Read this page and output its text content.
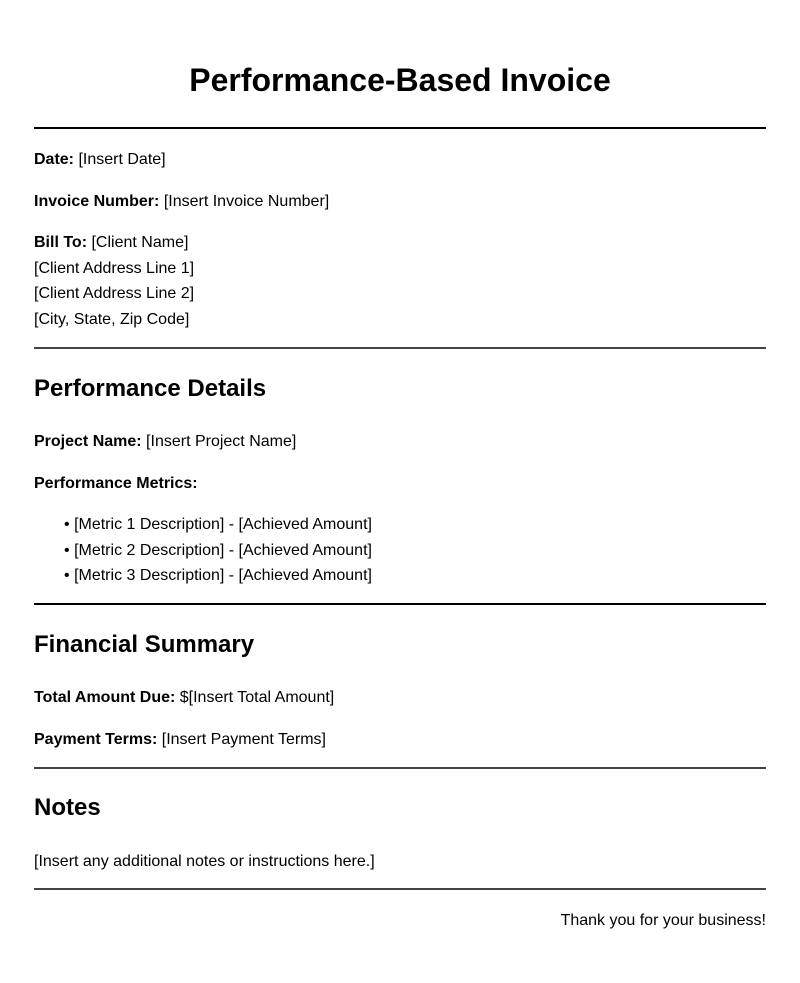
Performance-Based Invoice
Date: [Insert Date]
Invoice Number: [Insert Invoice Number]
Bill To: [Client Name]
[Client Address Line 1]
[Client Address Line 2]
[City, State, Zip Code]
Performance Details
Project Name: [Insert Project Name]
Performance Metrics:
• [Metric 1 Description] - [Achieved Amount]
• [Metric 2 Description] - [Achieved Amount]
• [Metric 3 Description] - [Achieved Amount]
Financial Summary
Total Amount Due: $[Insert Total Amount]
Payment Terms: [Insert Payment Terms]
Notes
[Insert any additional notes or instructions here.]
Thank you for your business!
